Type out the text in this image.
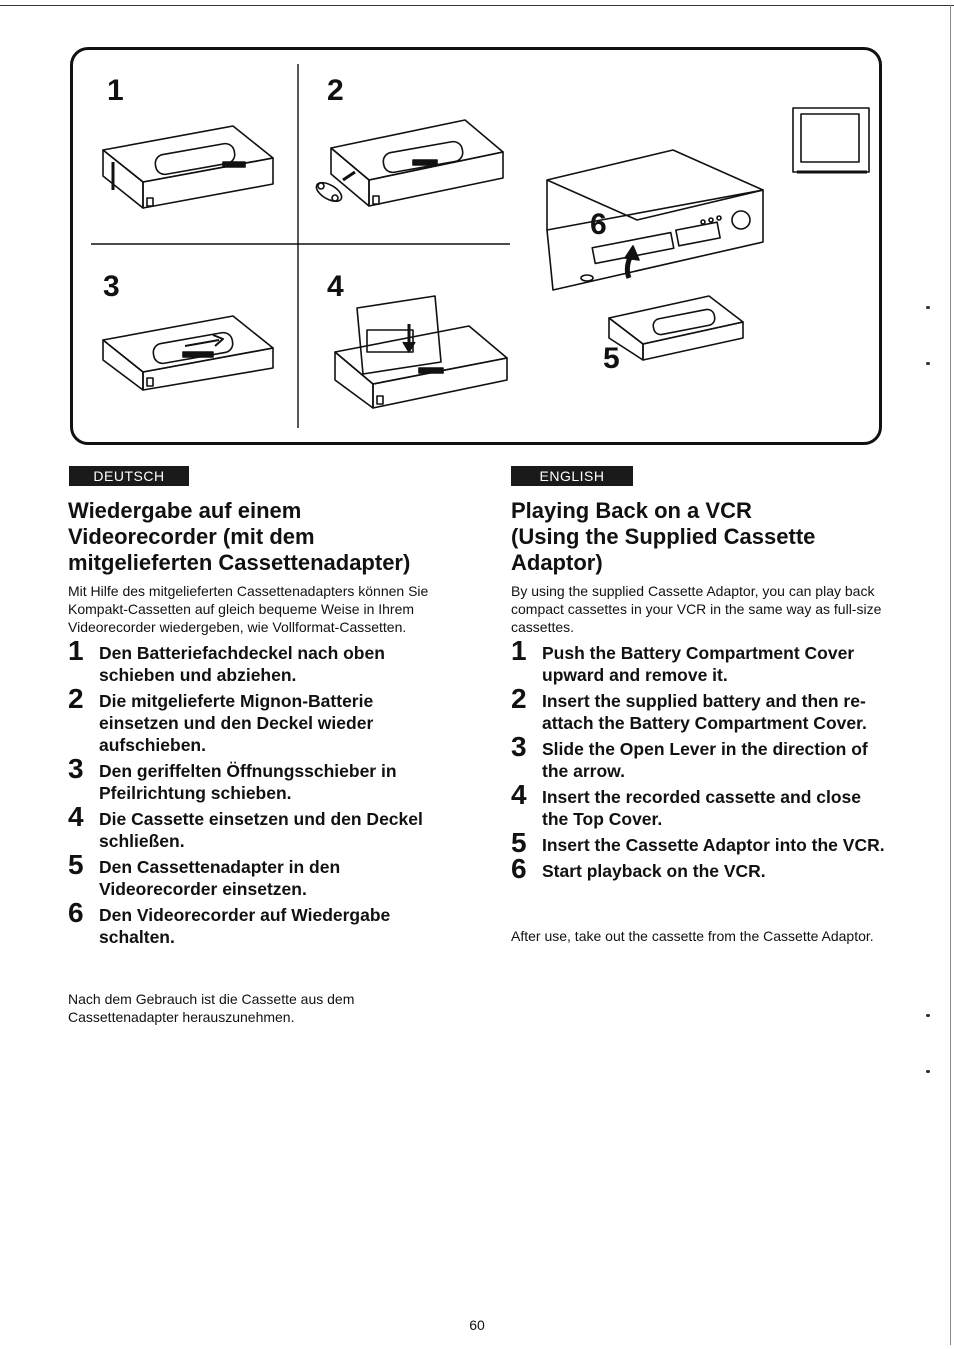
1	2
3	4
6
5
DEUTSCH	ENGLISH
Wiedergabe auf einem
Videorecorder (mit dem
mitgelieferten Cassettenadapter)

Mit Hilfe des mitgelieferten Cassettenadapters können Sie Kompakt-Cassetten auf gleich bequeme Weise in Ihrem Videorecorder wiedergeben, wie Vollformat-Cassetten.

1 Den Batteriefachdeckel nach oben schieben und abziehen.
2 Die mitgelieferte Mignon-Batterie einsetzen und den Deckel wieder aufschieben.
3 Den geriffelten Öffnungsschieber in Pfeilrichtung schieben.
4 Die Cassette einsetzen und den Deckel schließen.
5 Den Cassettenadapter in den Videorecorder einsetzen.
6 Den Videorecorder auf Wiedergabe schalten.

Nach dem Gebrauch ist die Cassette aus dem Cassettenadapter herauszunehmen.

Playing Back on a VCR
(Using the Supplied Cassette
Adaptor)

By using the supplied Cassette Adaptor, you can play back compact cassettes in your VCR in the same way as full-size cassettes.

1 Push the Battery Compartment Cover upward and remove it.
2 Insert the supplied battery and then re-attach the Battery Compartment Cover.
3 Slide the Open Lever in the direction of the arrow.
4 Insert the recorded cassette and close the Top Cover.
5 Insert the Cassette Adaptor into the VCR.
6 Start playback on the VCR.

After use, take out the cassette from the Cassette Adaptor.

60
